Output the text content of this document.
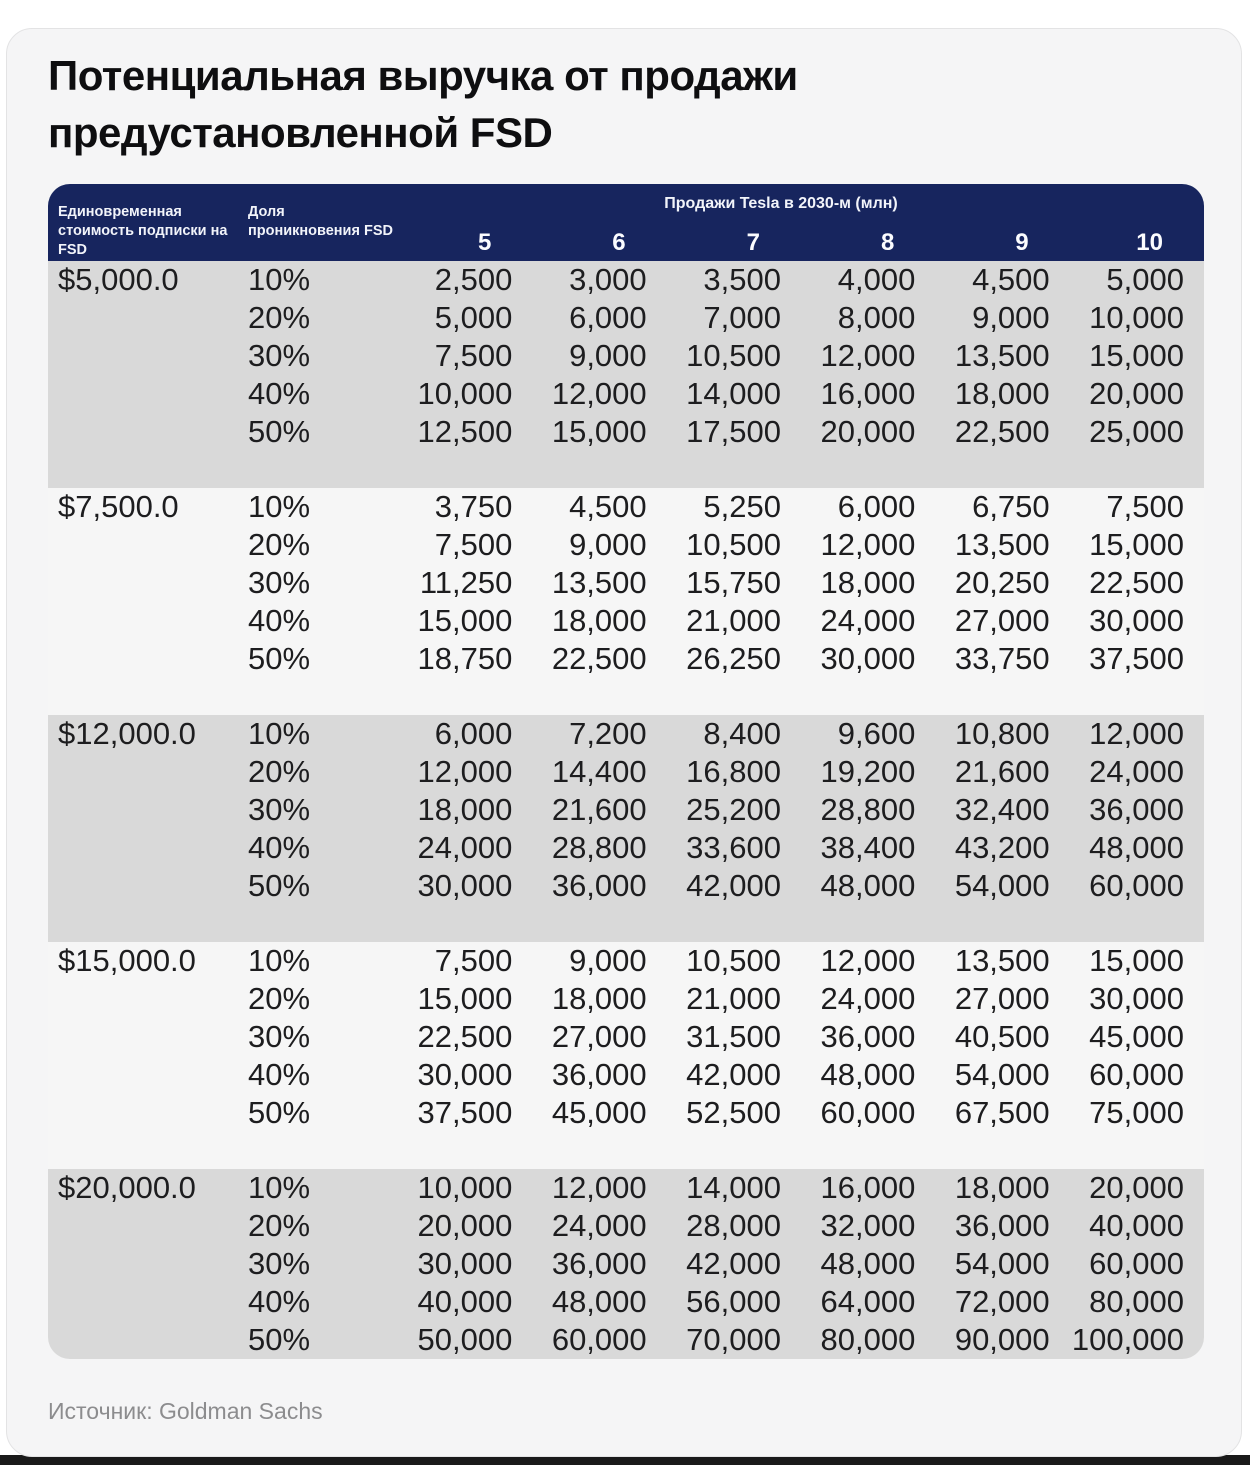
Потенциальная выручка от продажи предустановленной FSD
Единовременная стоимость подписки на FSD
Доля проникновения FSD
Продажи Tesla в 2030-м (млн)
5	6	7	8	9	10
$5,000.0	10%	2,500	3,000	3,500	4,000	4,500	5,000
20%	5,000	6,000	7,000	8,000	9,000	10,000
30%	7,500	9,000	10,500	12,000	13,500	15,000
40%	10,000	12,000	14,000	16,000	18,000	20,000
50%	12,500	15,000	17,500	20,000	22,500	25,000
$7,500.0	10%	3,750	4,500	5,250	6,000	6,750	7,500
20%	7,500	9,000	10,500	12,000	13,500	15,000
30%	11,250	13,500	15,750	18,000	20,250	22,500
40%	15,000	18,000	21,000	24,000	27,000	30,000
50%	18,750	22,500	26,250	30,000	33,750	37,500
$12,000.0	10%	6,000	7,200	8,400	9,600	10,800	12,000
20%	12,000	14,400	16,800	19,200	21,600	24,000
30%	18,000	21,600	25,200	28,800	32,400	36,000
40%	24,000	28,800	33,600	38,400	43,200	48,000
50%	30,000	36,000	42,000	48,000	54,000	60,000
$15,000.0	10%	7,500	9,000	10,500	12,000	13,500	15,000
20%	15,000	18,000	21,000	24,000	27,000	30,000
30%	22,500	27,000	31,500	36,000	40,500	45,000
40%	30,000	36,000	42,000	48,000	54,000	60,000
50%	37,500	45,000	52,500	60,000	67,500	75,000
$20,000.0	10%	10,000	12,000	14,000	16,000	18,000	20,000
20%	20,000	24,000	28,000	32,000	36,000	40,000
30%	30,000	36,000	42,000	48,000	54,000	60,000
40%	40,000	48,000	56,000	64,000	72,000	80,000
50%	50,000	60,000	70,000	80,000	90,000 100,000
Источник: Goldman Sachs
